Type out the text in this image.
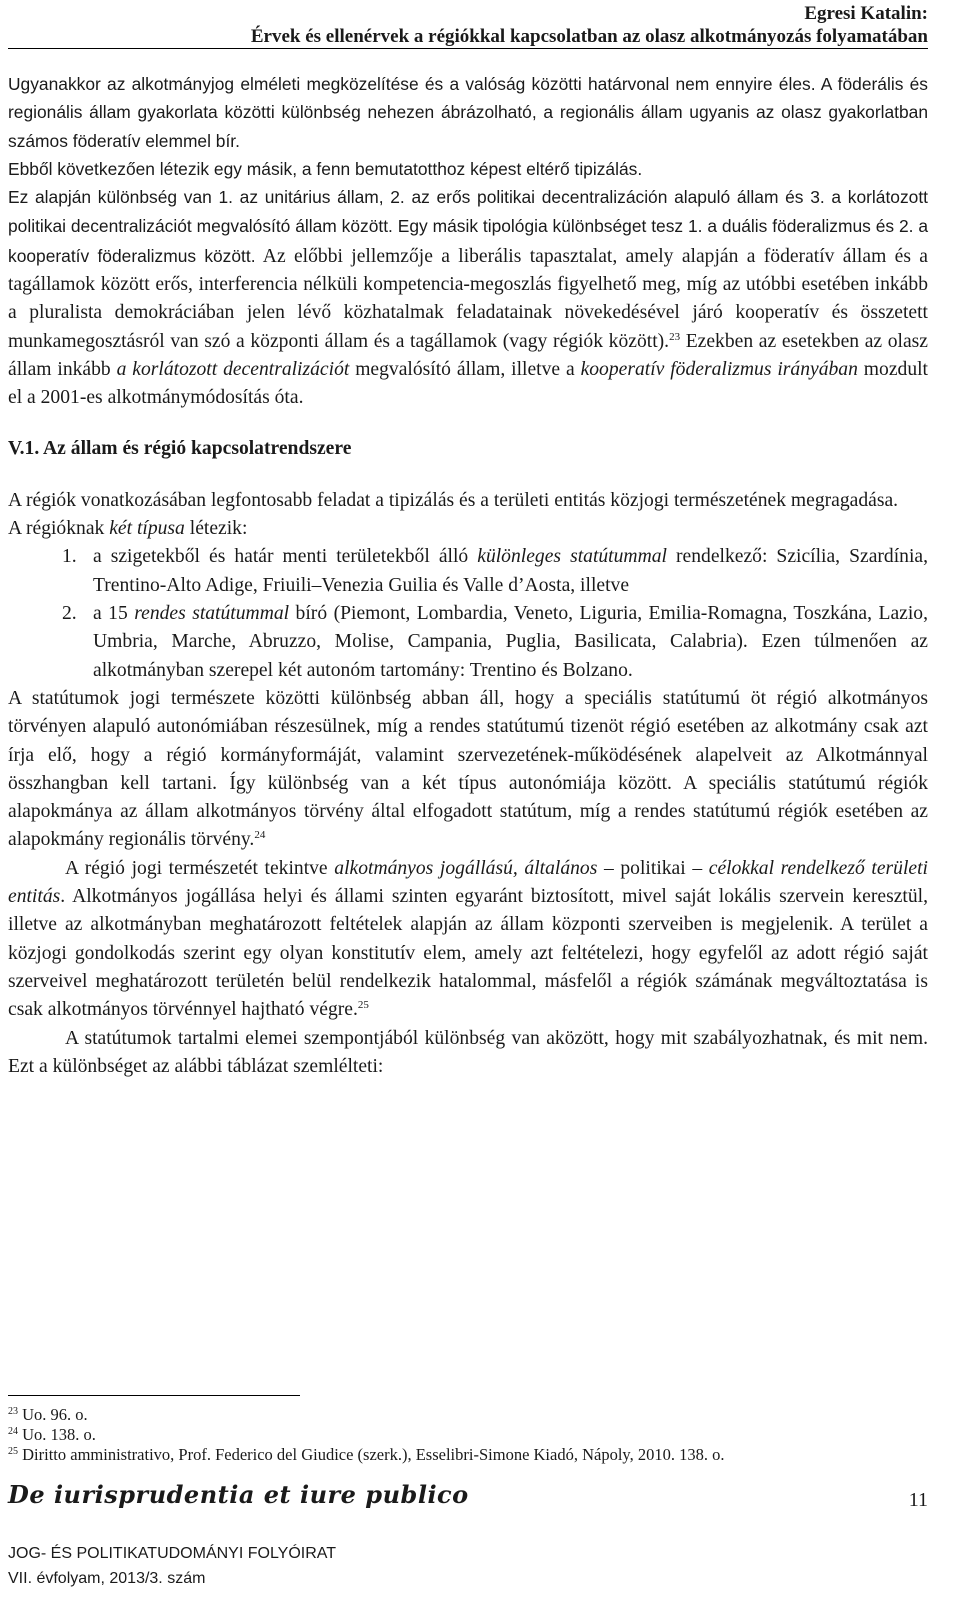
Egresi Katalin:
Érvek és ellenérvek a régiókkal kapcsolatban az olasz alkotmányozás folyamatában

Ugyanakkor az alkotmányjog elméleti megközelítése és a valóság közötti határvonal nem ennyire éles. A föderális és regionális állam gyakorlata közötti különbség nehezen ábrázolható, a regionális állam ugyanis az olasz gyakorlatban számos föderatív elemmel bír.

Ebből következően létezik egy másik, a fenn bemutatotthoz képest eltérő tipizálás.

Ez alapján különbség van 1. az unitárius állam, 2. az erős politikai decentralizáción alapuló állam és 3. a korlátozott politikai decentralizációt megvalósító állam között. Egy másik tipológia különbséget tesz 1. a duális föderalizmus és 2. a kooperatív föderalizmus között. Az előbbi jellemzője a liberális tapasztalat, amely alapján a föderatív állam és a tagállamok között erős, interferencia nélküli kompetencia-megoszlás figyelhető meg, míg az utóbbi esetében inkább a pluralista demokráciában jelen lévő közhatalmak feladatainak növekedésével járó kooperatív és összetett munkamegosztásról van szó a központi állam és a tagállamok (vagy régiók között).$^{23}$ Ezekben az esetekben az olasz állam inkább a korlátozott decentralizációt megvalósító állam, illetve a kooperatív föderalizmus irányában mozdult el a 2001-es alkotmánymódosítás óta.

V.1. Az állam és régió kapcsolatrendszere

A régiók vonatkozásában legfontosabb feladat a tipizálás és a területi entitás közjogi természetének megragadása.

A régióknak két típusa létezik:

1. a szigetekből és határ menti területekből álló különleges statútummal rendelkező: Szicília, Szardínia, Trentino-Alto Adige, Friuili–Venezia Guilia és Valle d’Aosta, illetve
2. a 15 rendes statútummal bíró (Piemont, Lombardia, Veneto, Liguria, Emilia-Romagna, Toszkána, Lazio, Umbria, Marche, Abruzzo, Molise, Campania, Puglia, Basilicata, Calabria). Ezen túlmenően az alkotmányban szerepel két autonóm tartomány: Trentino és Bolzano.

A statútumok jogi természete közötti különbség abban áll, hogy a speciális statútumú öt régió alkotmányos törvényen alapuló autonómiában részesülnek, míg a rendes statútumú tizenöt régió esetében az alkotmány csak azt írja elő, hogy a régió kormányformáját, valamint szervezetének-működésének alapelveit az Alkotmánnyal összhangban kell tartani. Így különbség van a két típus autonómiája között. A speciális statútumú régiók alapokmánya az állam alkotmányos törvény által elfogadott statútum, míg a rendes statútumú régiók esetében az alapokmány regionális törvény.$^{24}$

A régió jogi természetét tekintve alkotmányos jogállású, általános – politikai – célokkal rendelkező területi entitás. Alkotmányos jogállása helyi és állami szinten egyaránt biztosított, mivel saját lokális szervein keresztül, illetve az alkotmányban meghatározott feltételek alapján az állam központi szerveiben is megjelenik. A terület a közjogi gondolkodás szerint egy olyan konstitutív elem, amely azt feltételezi, hogy egyfelől az adott régió saját szerveivel meghatározott területén belül rendelkezik hatalommal, másfelől a régiók számának megváltoztatása is csak alkotmányos törvénnyel hajtható végre.$^{25}$

A statútumok tartalmi elemei szempontjából különbség van aközött, hogy mit szabályozhatnak, és mit nem. Ezt a különbséget az alábbi táblázat szemlélteti:

$^{23}$ Uo. 96. o.
$^{24}$ Uo. 138. o.
$^{25}$ Diritto amministrativo, Prof. Federico del Giudice (szerk.), Esselibri-Simone Kiadó, Nápoly, 2010. 138. o.
De iurisprudentia et iure publico	11
JOG- ÉS POLITIKATUDOMÁNYI FOLYÓIRAT
VII. évfolyam, 2013/3. szám
